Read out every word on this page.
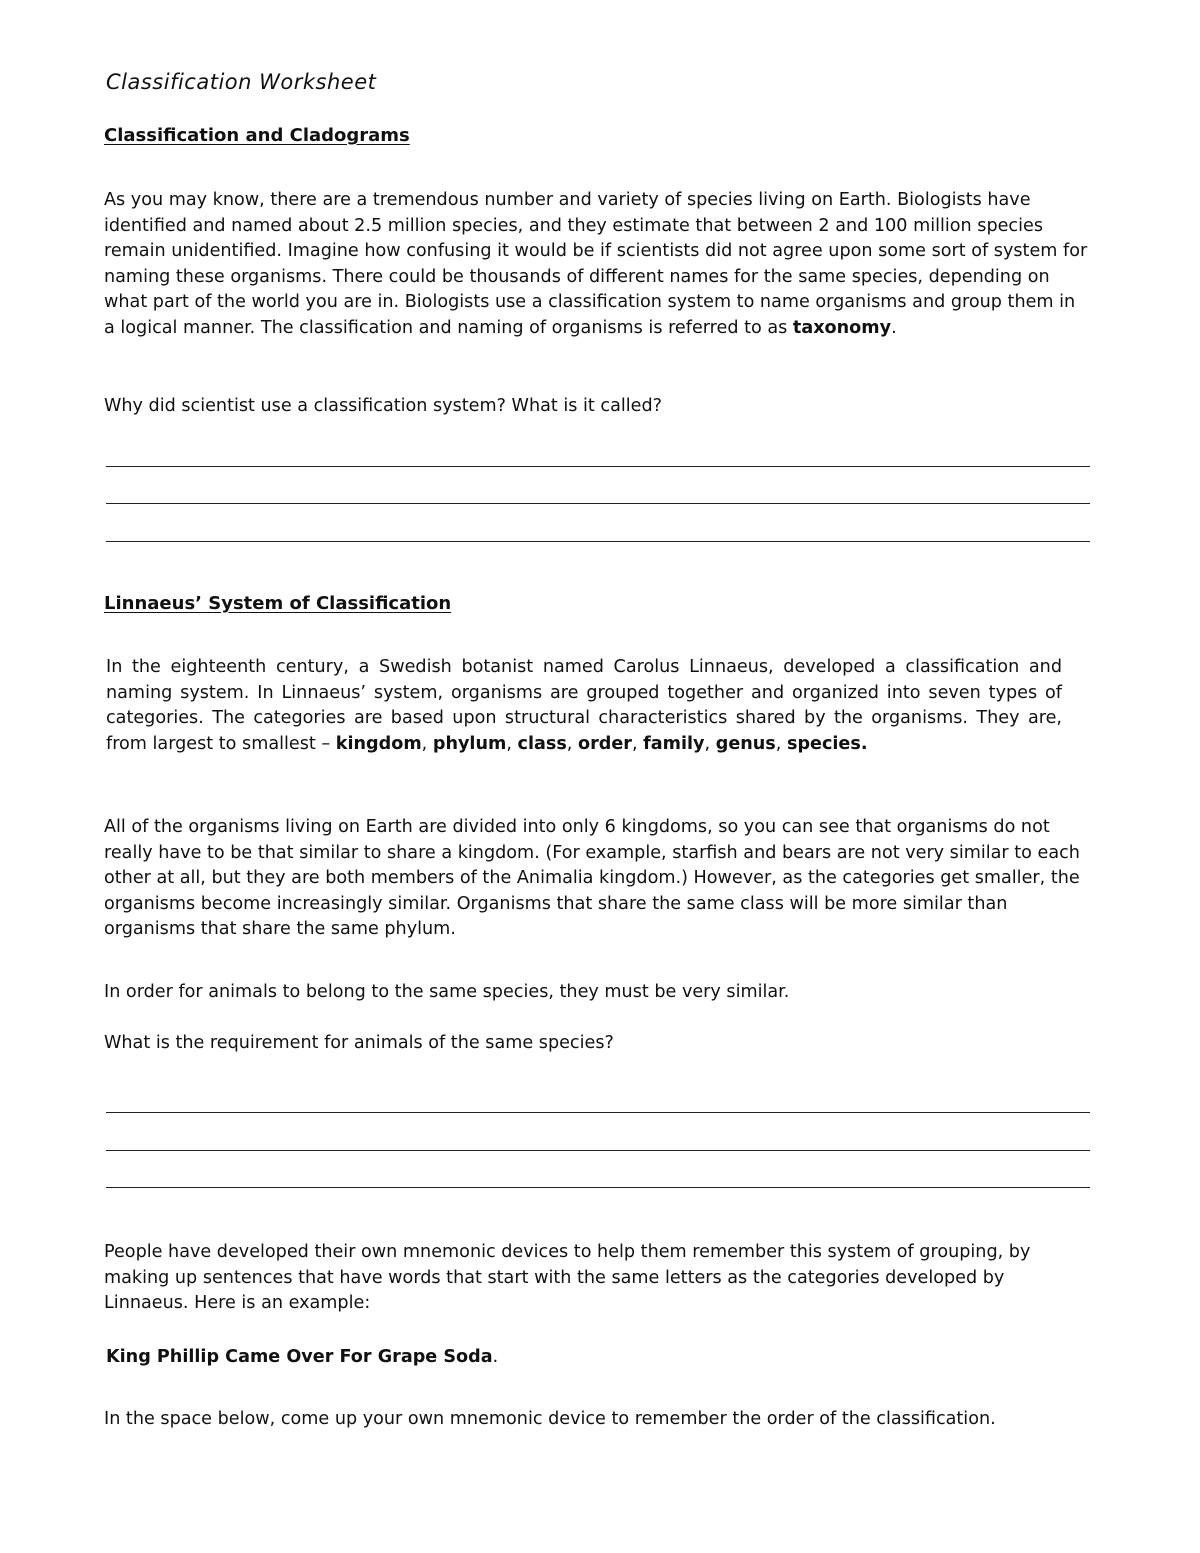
Classification Worksheet
Classification and Cladograms

As you may know, there are a tremendous number and variety of species living on Earth. Biologists have identified and named about 2.5 million species, and they estimate that between 2 and 100 million species remain unidentified. Imagine how confusing it would be if scientists did not agree upon some sort of system for naming these organisms. There could be thousands of different names for the same species, depending on what part of the world you are in. Biologists use a classification system to name organisms and group them in a logical manner. The classification and naming of organisms is referred to as taxonomy.

Why did scientist use a classification system? What is it called?

Linnaeus’ System of Classification

In the eighteenth century, a Swedish botanist named Carolus Linnaeus, developed a classification and naming system. In Linnaeus’ system, organisms are grouped together and organized into seven types of categories. The categories are based upon structural characteristics shared by the organisms. They are, from largest to smallest – kingdom, phylum, class, order, family, genus, species.

All of the organisms living on Earth are divided into only 6 kingdoms, so you can see that organisms do not really have to be that similar to share a kingdom. (For example, starfish and bears are not very similar to each other at all, but they are both members of the Animalia kingdom.) However, as the categories get smaller, the organisms become increasingly similar. Organisms that share the same class will be more similar than organisms that share the same phylum.

In order for animals to belong to the same species, they must be very similar.

What is the requirement for animals of the same species?

People have developed their own mnemonic devices to help them remember this system of grouping, by making up sentences that have words that start with the same letters as the categories developed by Linnaeus. Here is an example:

King Phillip Came Over For Grape Soda.

In the space below, come up your own mnemonic device to remember the order of the classification.
